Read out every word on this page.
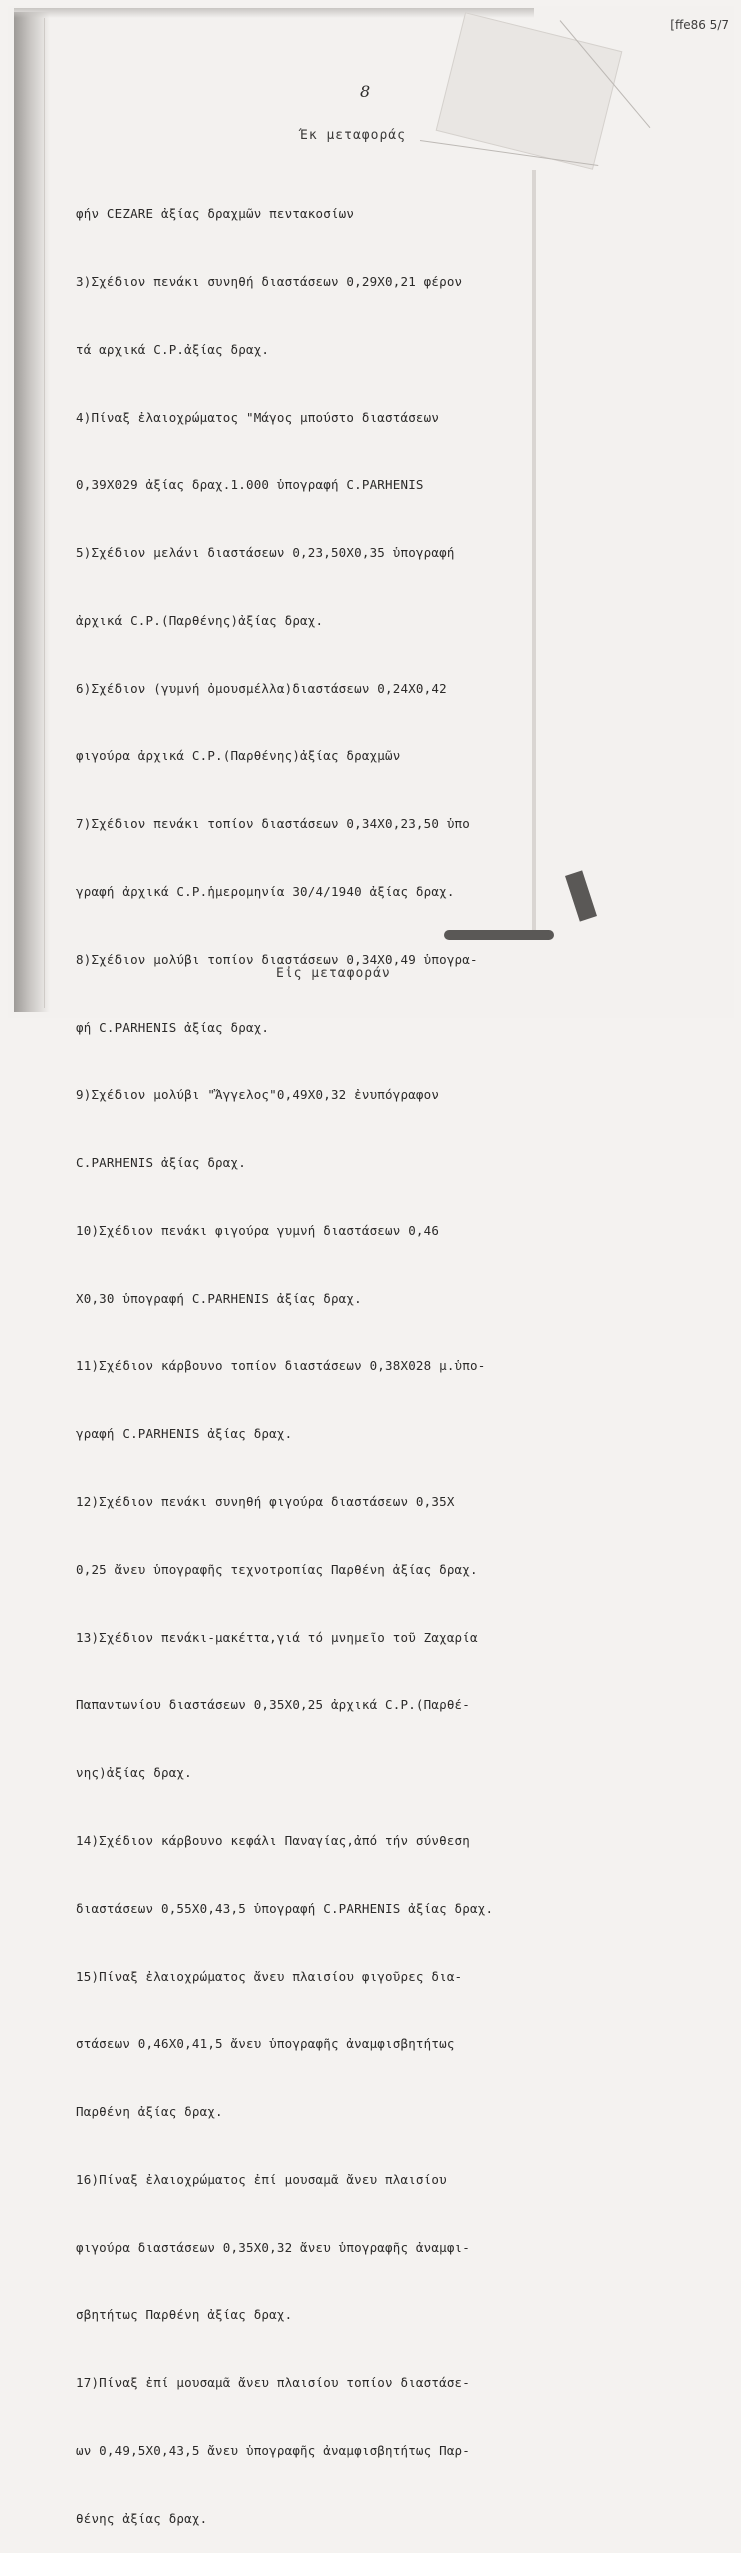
[ffe86 5/7
8
Έκ μεταφοράς

φήν CEZARE ἀξίας δραχμῶν πεντακοσίων

3)Σχέδιον πενάκι συνηθή διαστάσεων 0,29Χ0,21 φέρον

τά αρχικά C.P.ἀξίας δραχ.

4)Πίναξ ἐλαιοχρώματος "Μάγος μπούστο διαστάσεων

0,39Χ029 ἀξίας δραχ.1.000 ὑπογραφή C.PARHENIS

5)Σχέδιον μελάνι διαστάσεων 0,23,50Χ0,35 ὑπογραφή

ἀρχικά C.P.(Παρθένης)ἀξίας δραχ.

6)Σχέδιον (γυμνή ὀμουσμέλλα)διαστάσεων 0,24Χ0,42

φιγούρα ἀρχικά C.P.(Παρθένης)ἀξίας δραχμῶν

7)Σχέδιον πενάκι τοπίον διαστάσεων 0,34Χ0,23,50 ὑπο

γραφή ἀρχικά C.P.ἡμερομηνία 30/4/1940 ἀξίας δραχ.

8)Σχέδιον μολύβι τοπίον διαστάσεων 0,34Χ0,49 ὑπογρα-

φή C.PARHENIS ἀξίας δραχ.

9)Σχέδιον μολύβι "Ἄγγελος"0,49Χ0,32 ἐνυπόγραφον

C.PARHENIS ἀξίας δραχ.

10)Σχέδιον πενάκι φιγούρα γυμνή διαστάσεων 0,46

Χ0,30 ὑπογραφή C.PARHENIS ἀξίας δραχ.

11)Σχέδιον κάρβουνο τοπίον διαστάσεων 0,38Χ028 μ.ὑπο-

γραφή C.PARHENIS ἀξίας δραχ.

12)Σχέδιον πενάκι συνηθή φιγούρα διαστάσεων 0,35Χ

0,25 ἄνευ ὑπογραφῆς τεχνοτροπίας Παρθένη ἀξίας δραχ.

13)Σχέδιον πενάκι-μακέττα,γιά τό μνημεῖο τοῦ Ζαχαρία

Παπαντωνίου διαστάσεων 0,35Χ0,25 ἀρχικά C.P.(Παρθέ-

νης)ἀξίας δραχ.

14)Σχέδιον κάρβουνο κεφάλι Παναγίας,ἀπό τήν σύνθεση

διαστάσεων 0,55Χ0,43,5 ὑπογραφή C.PARHENIS ἀξίας δραχ.

15)Πίναξ ἐλαιοχρώματος ἄνευ πλαισίου φιγοῦρες δια-

στάσεων 0,46Χ0,41,5 ἄνευ ὑπογραφῆς ἀναμφισβητήτως

Παρθένη ἀξίας δραχ.

16)Πίναξ ἐλαιοχρώματος ἐπί μουσαμᾶ ἄνευ πλαισίου

φιγούρα διαστάσεων 0,35Χ0,32 ἄνευ ὑπογραφῆς ἀναμφι-

σβητήτως Παρθένη ἀξίας δραχ.

17)Πίναξ ἐπί μουσαμᾶ ἄνευ πλαισίου τοπίον διαστάσε-

ων 0,49,5Χ0,43,5 ἄνευ ὑπογραφῆς ἀναμφισβητήτως Παρ-

θένης ἀξίας δραχ.

Εἰς μεταφοράν
